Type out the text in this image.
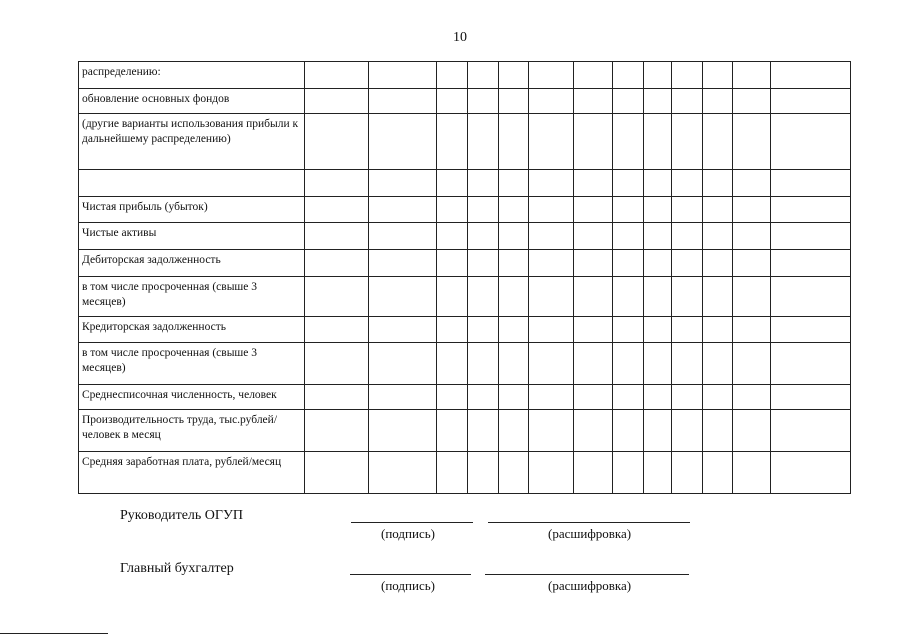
10
распределению:													
обновление основных фондов													
(другие варианты использования прибыли к дальнейшему распределению)													

Чистая прибыль (убыток)													
Чистые активы													
Дебиторская задолженность													
в том числе просроченная (свыше 3 месяцев)													
Кредиторская задолженность													
в том числе просроченная (свыше 3 месяцев)													
Среднесписочная численность, человек													
Производительность труда, тыс.рублей/человек в месяц													
Средняя заработная плата, рублей/месяц													
Руководитель ОГУП
(подпись)	(расшифровка)
Главный бухгалтер
(подпись)	(расшифровка)
